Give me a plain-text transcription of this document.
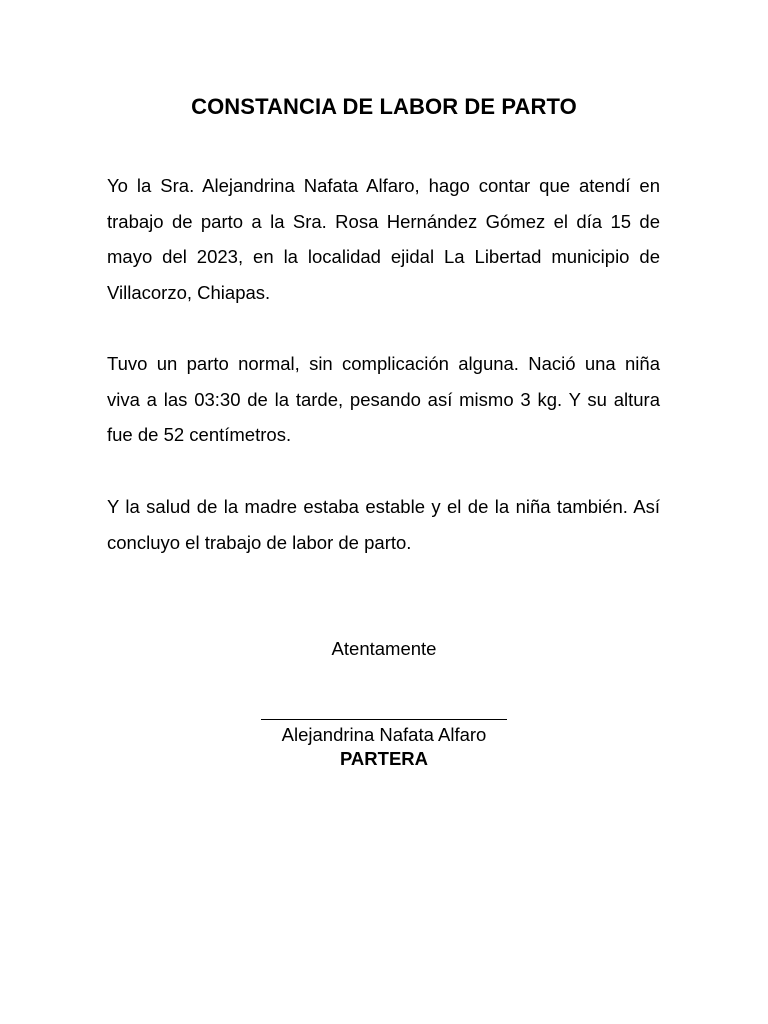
CONSTANCIA DE LABOR DE PARTO

Yo la Sra. Alejandrina Nafata Alfaro, hago contar que atendí en trabajo de parto a la Sra. Rosa Hernández Gómez el día 15 de mayo del 2023, en la localidad ejidal La Libertad municipio de Villacorzo, Chiapas.

Tuvo un parto normal, sin complicación alguna. Nació una niña viva a las 03:30 de la tarde, pesando así mismo 3 kg. Y su altura fue de 52 centímetros.

Y la salud de la madre estaba estable y el de la niña también. Así concluyo el trabajo de labor de parto.

Atentamente
Alejandrina Nafata Alfaro
PARTERA
